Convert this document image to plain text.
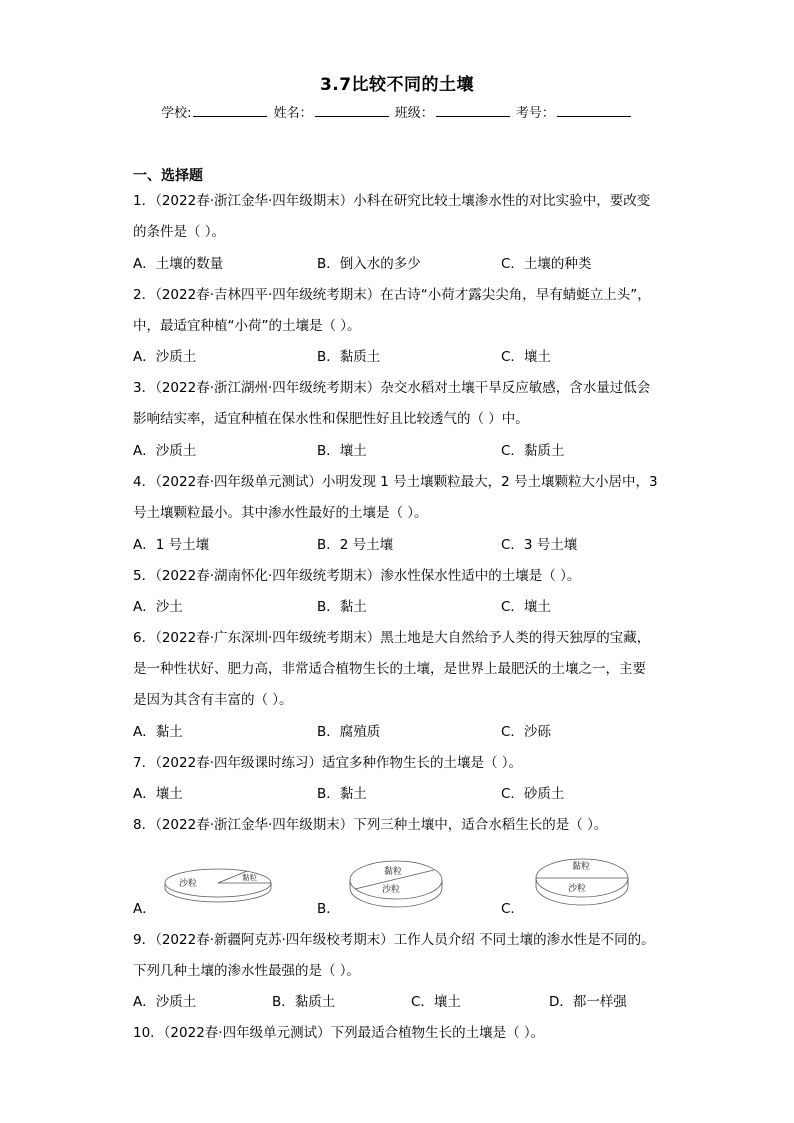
3.7比较不同的土壤
学校:	姓名：	班级：	考号：
一、选择题
1．（2022春·浙江金华·四年级期末）小科在研究比较土壤渗水性的对比实验中，要改变
的条件是（ ）。
A．土壤的数量	B．倒入水的多少	C．土壤的种类
2．（2022春·吉林四平·四年级统考期末）在古诗“小荷才露尖尖角，早有蜻蜓立上头”，
中，最适宜种植“小荷”的土壤是（ ）。
A．沙质土	B．黏质土	C．壤土
3．（2022春·浙江湖州·四年级统考期末）杂交水稻对土壤干旱反应敏感，含水量过低会
影响结实率，适宜种植在保水性和保肥性好且比较透气的（ ）中。
A．沙质土	B．壤土	C．黏质土
4．（2022春·四年级单元测试）小明发现 1 号土壤颗粒最大，2 号土壤颗粒大小居中，3
号土壤颗粒最小。其中渗水性最好的土壤是（ ）。
A．1 号土壤	B．2 号土壤	C．3 号土壤
5．（2022春·湖南怀化·四年级统考期末）渗水性保水性适中的土壤是（ ）。
A．沙土	B．黏土	C．壤土
6．（2022春·广东深圳·四年级统考期末）黑土地是大自然给予人类的得天独厚的宝藏，
是一种性状好、肥力高，非常适合植物生长的土壤，是世界上最肥沃的土壤之一，主要
是因为其含有丰富的（ ）。
A．黏土	B．腐殖质	C．沙砾
7．（2022春·四年级课时练习）适宜多种作物生长的土壤是（ ）。
A．壤土	B．黏土	C．砂质土
8．（2022春·浙江金华·四年级期末）下列三种土壤中，适合水稻生长的是（ ）。
沙粒
黏粒
黏粒
沙粒
黏粒
沙粒
A．	B．	C．
9．（2022春·新疆阿克苏·四年级校考期末）工作人员介绍 不同土壤的渗水性是不同的。
下列几种土壤的渗水性最强的是（ ）。
A．沙质土	B．黏质土	C．壤土	D．都一样强
10．（2022春·四年级单元测试）下列最适合植物生长的土壤是（ ）。
